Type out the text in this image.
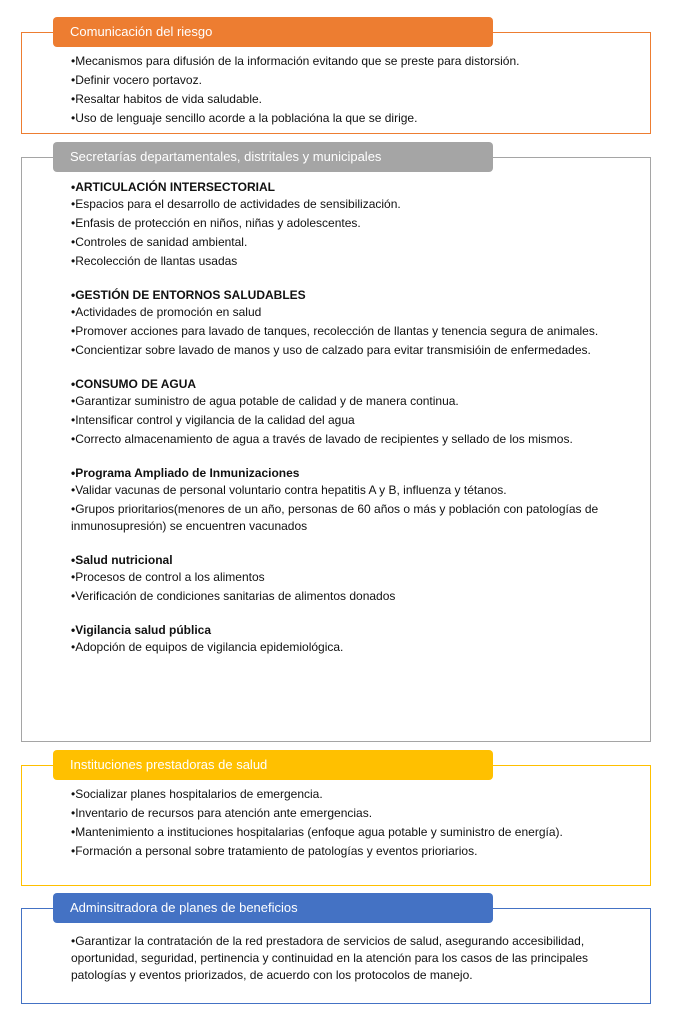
• Mecanismos para difusión de la información evitando que se preste para distorsión.
• Definir vocero portavoz.
• Resaltar habitos de vida saludable.
• Uso de lenguaje sencillo acorde a la poblacióna la que se dirige.
Comunicación del riesgo
• ARTICULACIÓN INTERSECTORIAL
• Espacios para el desarrollo de actividades de sensibilización.
• Enfasis de protección en niños, niñas y adolescentes.
• Controles de sanidad ambiental.
• Recolección de llantas usadas
• GESTIÓN DE ENTORNOS SALUDABLES
• Actividades de promoción en salud
• Promover acciones para lavado de tanques, recolección de llantas y tenencia segura de animales.
• Concientizar sobre lavado de manos y uso de calzado para evitar transmisióin de enfermedades.
• CONSUMO DE AGUA
• Garantizar suministro de agua potable de calidad y de manera continua.
• Intensificar control y vigilancia de la calidad del agua
• Correcto almacenamiento de agua a través de lavado de recipientes y sellado de los mismos.
• Programa Ampliado de Inmunizaciones
• Validar vacunas de personal voluntario contra hepatitis A y B, influenza y tétanos.
• Grupos prioritarios(menores de un año, personas de 60 años o más y población con patologías de inmunosupresión) se encuentren vacunados
• Salud nutricional
• Procesos de control a los alimentos
• Verificación de condiciones sanitarias de alimentos donados
• Vigilancia salud pública
• Adopción de equipos de vigilancia epidemiológica.
Secretarías departamentales, distritales y municipales
• Socializar planes hospitalarios de emergencia.
• Inventario de recursos para atención ante emergencias.
• Mantenimiento a instituciones hospitalarias (enfoque agua potable y suministro de energía).
• Formación a personal sobre tratamiento de patologías y eventos prioriarios.
Instituciones prestadoras de salud
• Garantizar la contratación de la red prestadora de servicios de salud, asegurando accesibilidad, oportunidad, seguridad, pertinencia y continuidad en la atención para los casos de las principales patologías y eventos priorizados, de acuerdo con los protocolos de manejo.
Adminsitradora de planes de beneficios
